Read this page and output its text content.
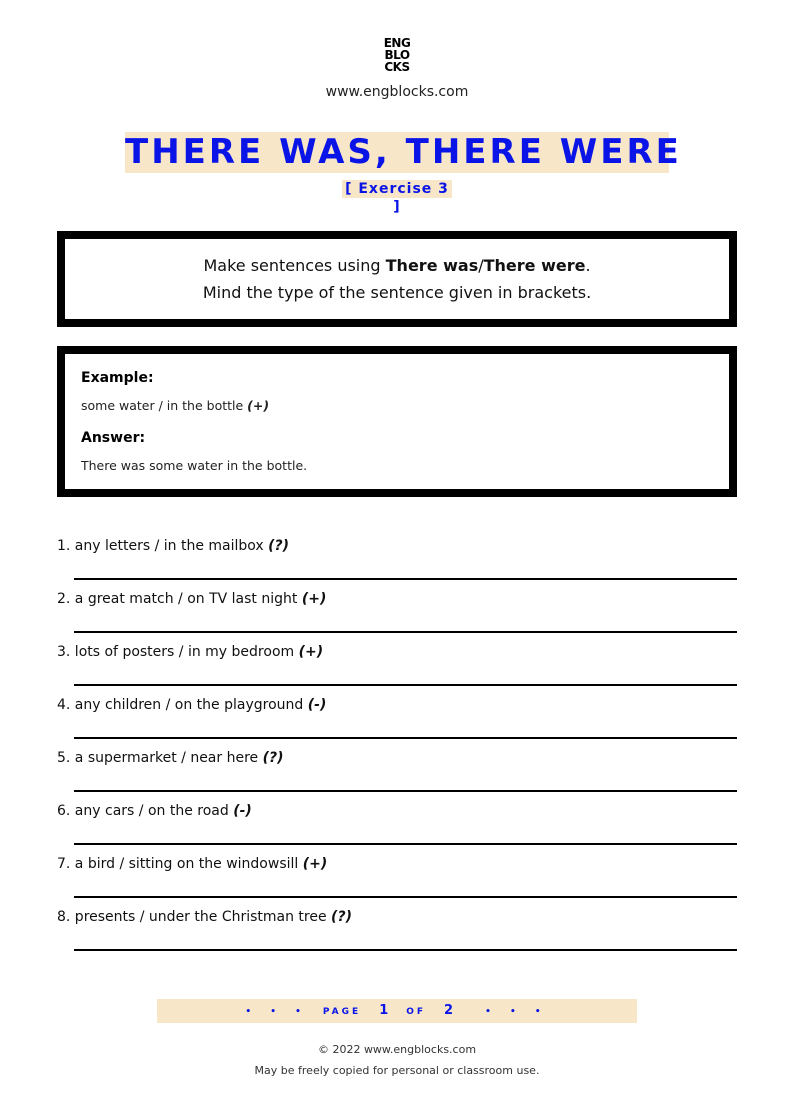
ENG
BLO
CKS
www.engblocks.com
THERE WAS, THERE WERE
[ Exercise 3 ]
Make sentences using There was/There were.
Mind the type of the sentence given in brackets.
Example:
some water / in the bottle (+)
Answer:
There was some water in the bottle.
1. any letters / in the mailbox (?)
2. a great match / on TV last night (+)
3. lots of posters / in my bedroom (+)
4. any children / on the playground (-)
5. a supermarket / near here (?)
6. any cars / on the road (-)
7. a bird / sitting on the windowsill (+)
8. presents / under the Christman tree (?)
• • • PAGE 1 OF 2	• • •
© 2022 www.engblocks.com
May be freely copied for personal or classroom use.
